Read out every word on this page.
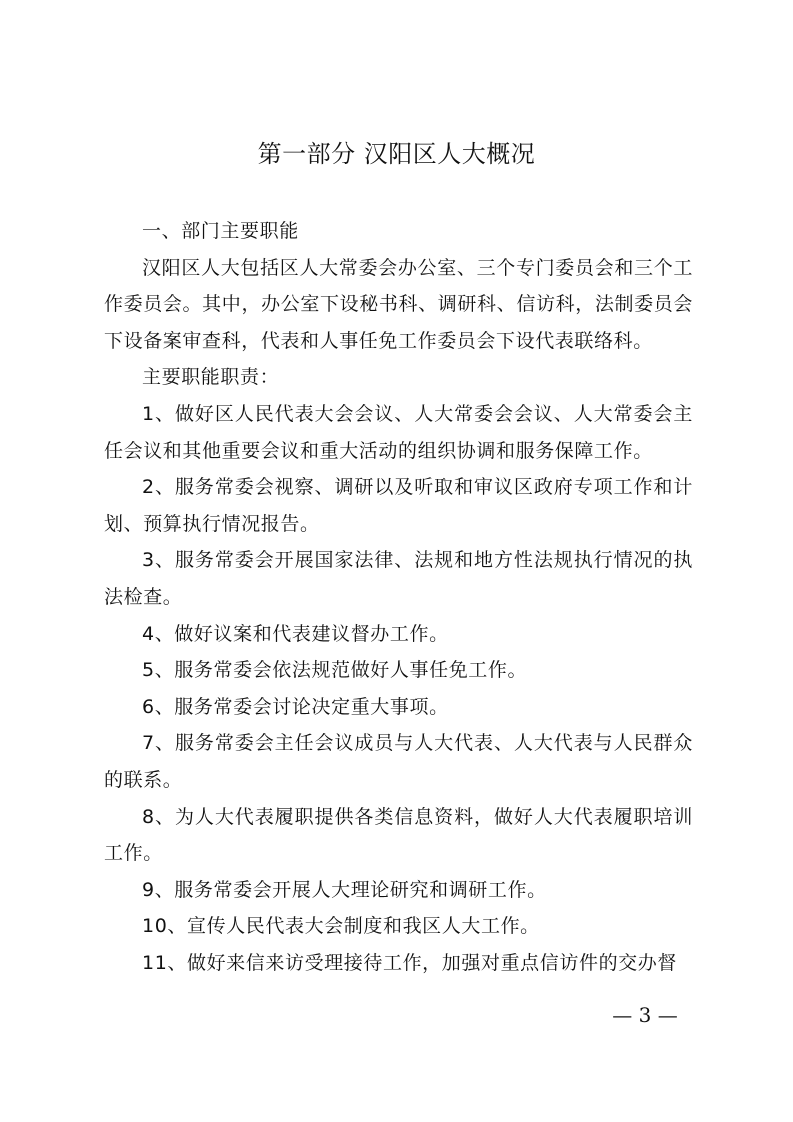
第一部分 汉阳区人大概况

一、部门主要职能

汉阳区人大包括区人大常委会办公室、三个专门委员会和三个工作委员会。其中，办公室下设秘书科、调研科、信访科，法制委员会下设备案审查科，代表和人事任免工作委员会下设代表联络科。

主要职能职责：

1、做好区人民代表大会会议、人大常委会会议、人大常委会主任会议和其他重要会议和重大活动的组织协调和服务保障工作。

2、服务常委会视察、调研以及听取和审议区政府专项工作和计划、预算执行情况报告。

3、服务常委会开展国家法律、法规和地方性法规执行情况的执法检查。

4、做好议案和代表建议督办工作。

5、服务常委会依法规范做好人事任免工作。

6、服务常委会讨论决定重大事项。

7、服务常委会主任会议成员与人大代表、人大代表与人民群众的联系。

8、为人大代表履职提供各类信息资料，做好人大代表履职培训工作。

9、服务常委会开展人大理论研究和调研工作。

10、宣传人民代表大会制度和我区人大工作。

11、做好来信来访受理接待工作，加强对重点信访件的交办督

— 3 —
